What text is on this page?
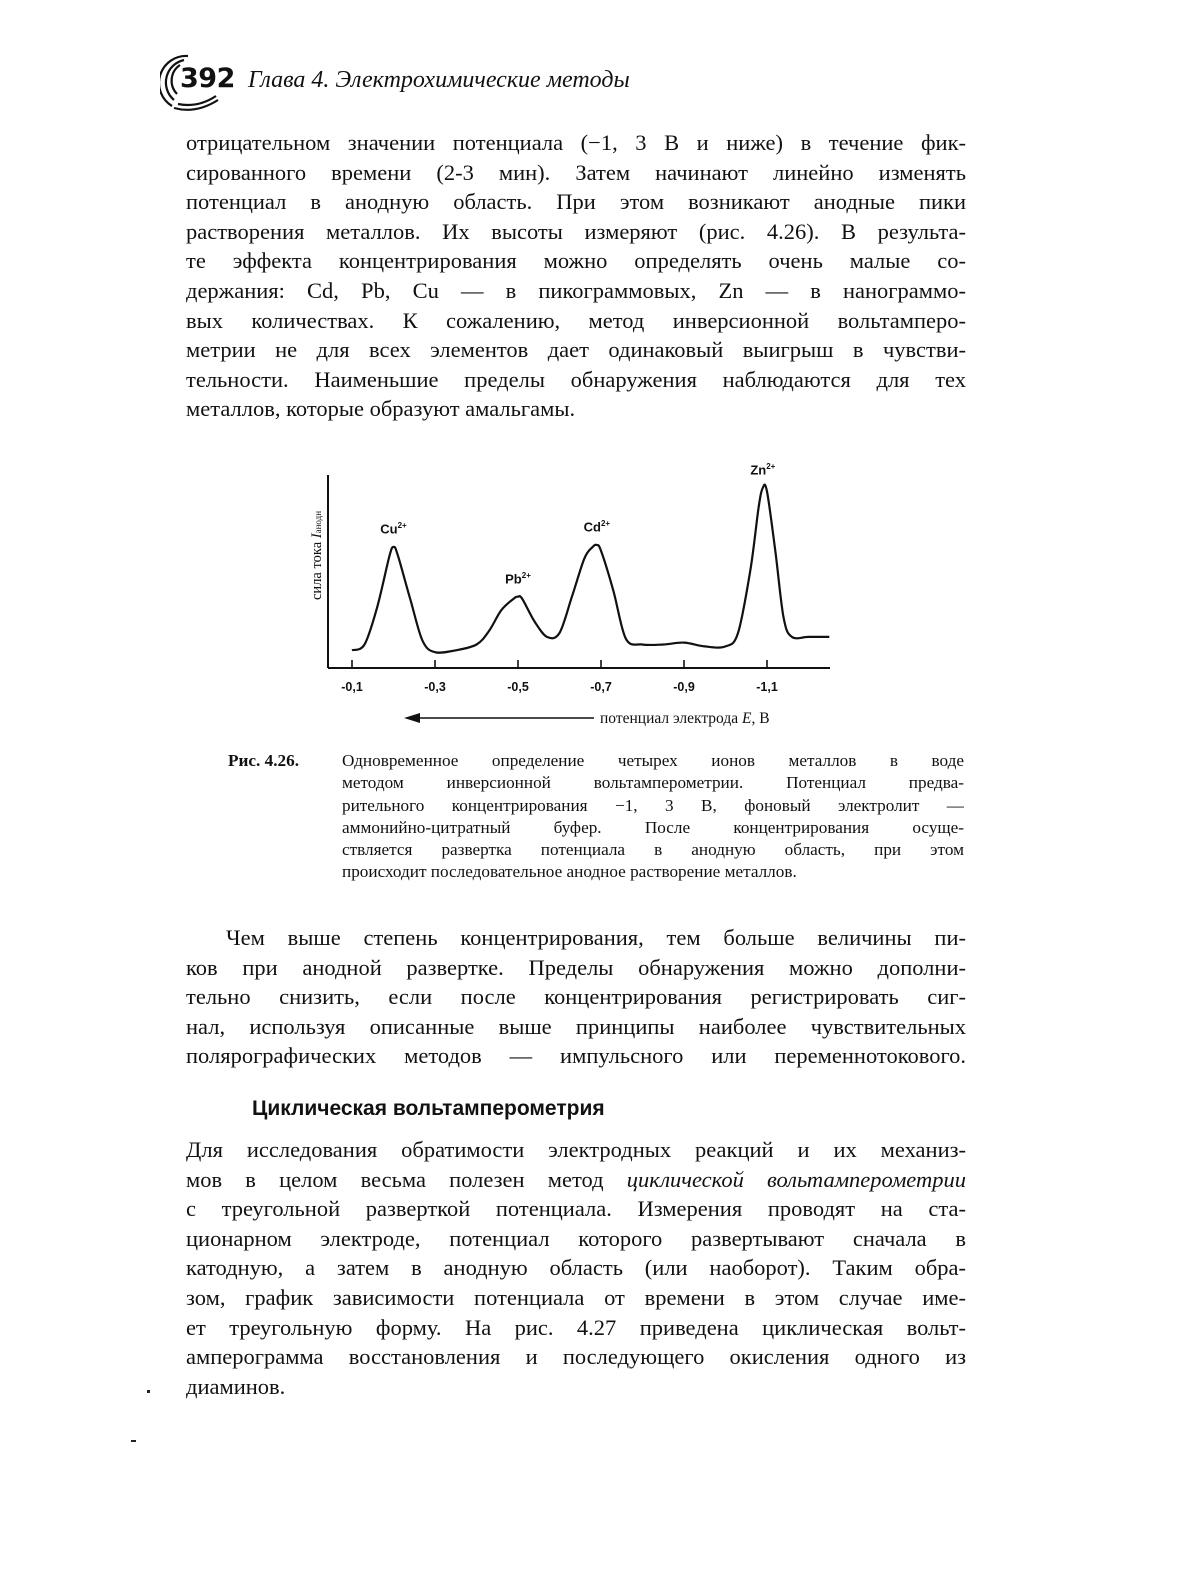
392 Глава 4. Электрохимические методы
отрицательном значении потенциала (−1, 3 В и ниже) в течение фик-
сированного времени (2-3 мин). Затем начинают линейно изменять
потенциал в анодную область. При этом возникают анодные пики
растворения металлов. Их высоты измеряют (рис. 4.26). В результа-
те эффекта концентрирования можно определять очень малые со-
держания: Cd, Pb, Cu — в пикограммовых, Zn — в нанограммо-
вых количествах. К сожалению, метод инверсионной вольтамперо-
метрии не для всех элементов дает одинаковый выигрыш в чувстви-
тельности. Наименьшие пределы обнаружения наблюдаются для тех
металлов, которые образуют амальгамы.
-0,1	-0,3	-0,5	-0,7	-0,9	-1,1
$Cu^{2+}$
$Pb^{2+}$
$Cd^{2+}$
$Zn^{2+}$
сила тока Iанодн
потенциал электрода E, В
Рис. 4.26.	Одновременное определение четырех ионов металлов в воде
методом инверсионной вольтамперометрии. Потенциал предва-
рительного концентрирования −1, 3 В, фоновый электролит —
аммонийно-цитратный буфер. После концентрирования осуще-
ствляется развертка потенциала в анодную область, при этом
происходит последовательное анодное растворение металлов.
Чем выше степень концентрирования, тем больше величины пи-
ков при анодной развертке. Пределы обнаружения можно дополни-
тельно снизить, если после концентрирования регистрировать сиг-
нал, используя описанные выше принципы наиболее чувствительных
полярографических методов — импульсного или переменнотокового.
Циклическая вольтамперометрия
Для исследования обратимости электродных реакций и их механиз-
мов в целом весьма полезен метод циклической вольтамперометрии
с треугольной разверткой потенциала. Измерения проводят на ста-
ционарном электроде, потенциал которого развертывают сначала в
катодную, а затем в анодную область (или наоборот). Таким обра-
зом, график зависимости потенциала от времени в этом случае име-
ет треугольную форму. На рис. 4.27 приведена циклическая вольт-
амперограмма восстановления и последующего окисления одного из
диаминов.
